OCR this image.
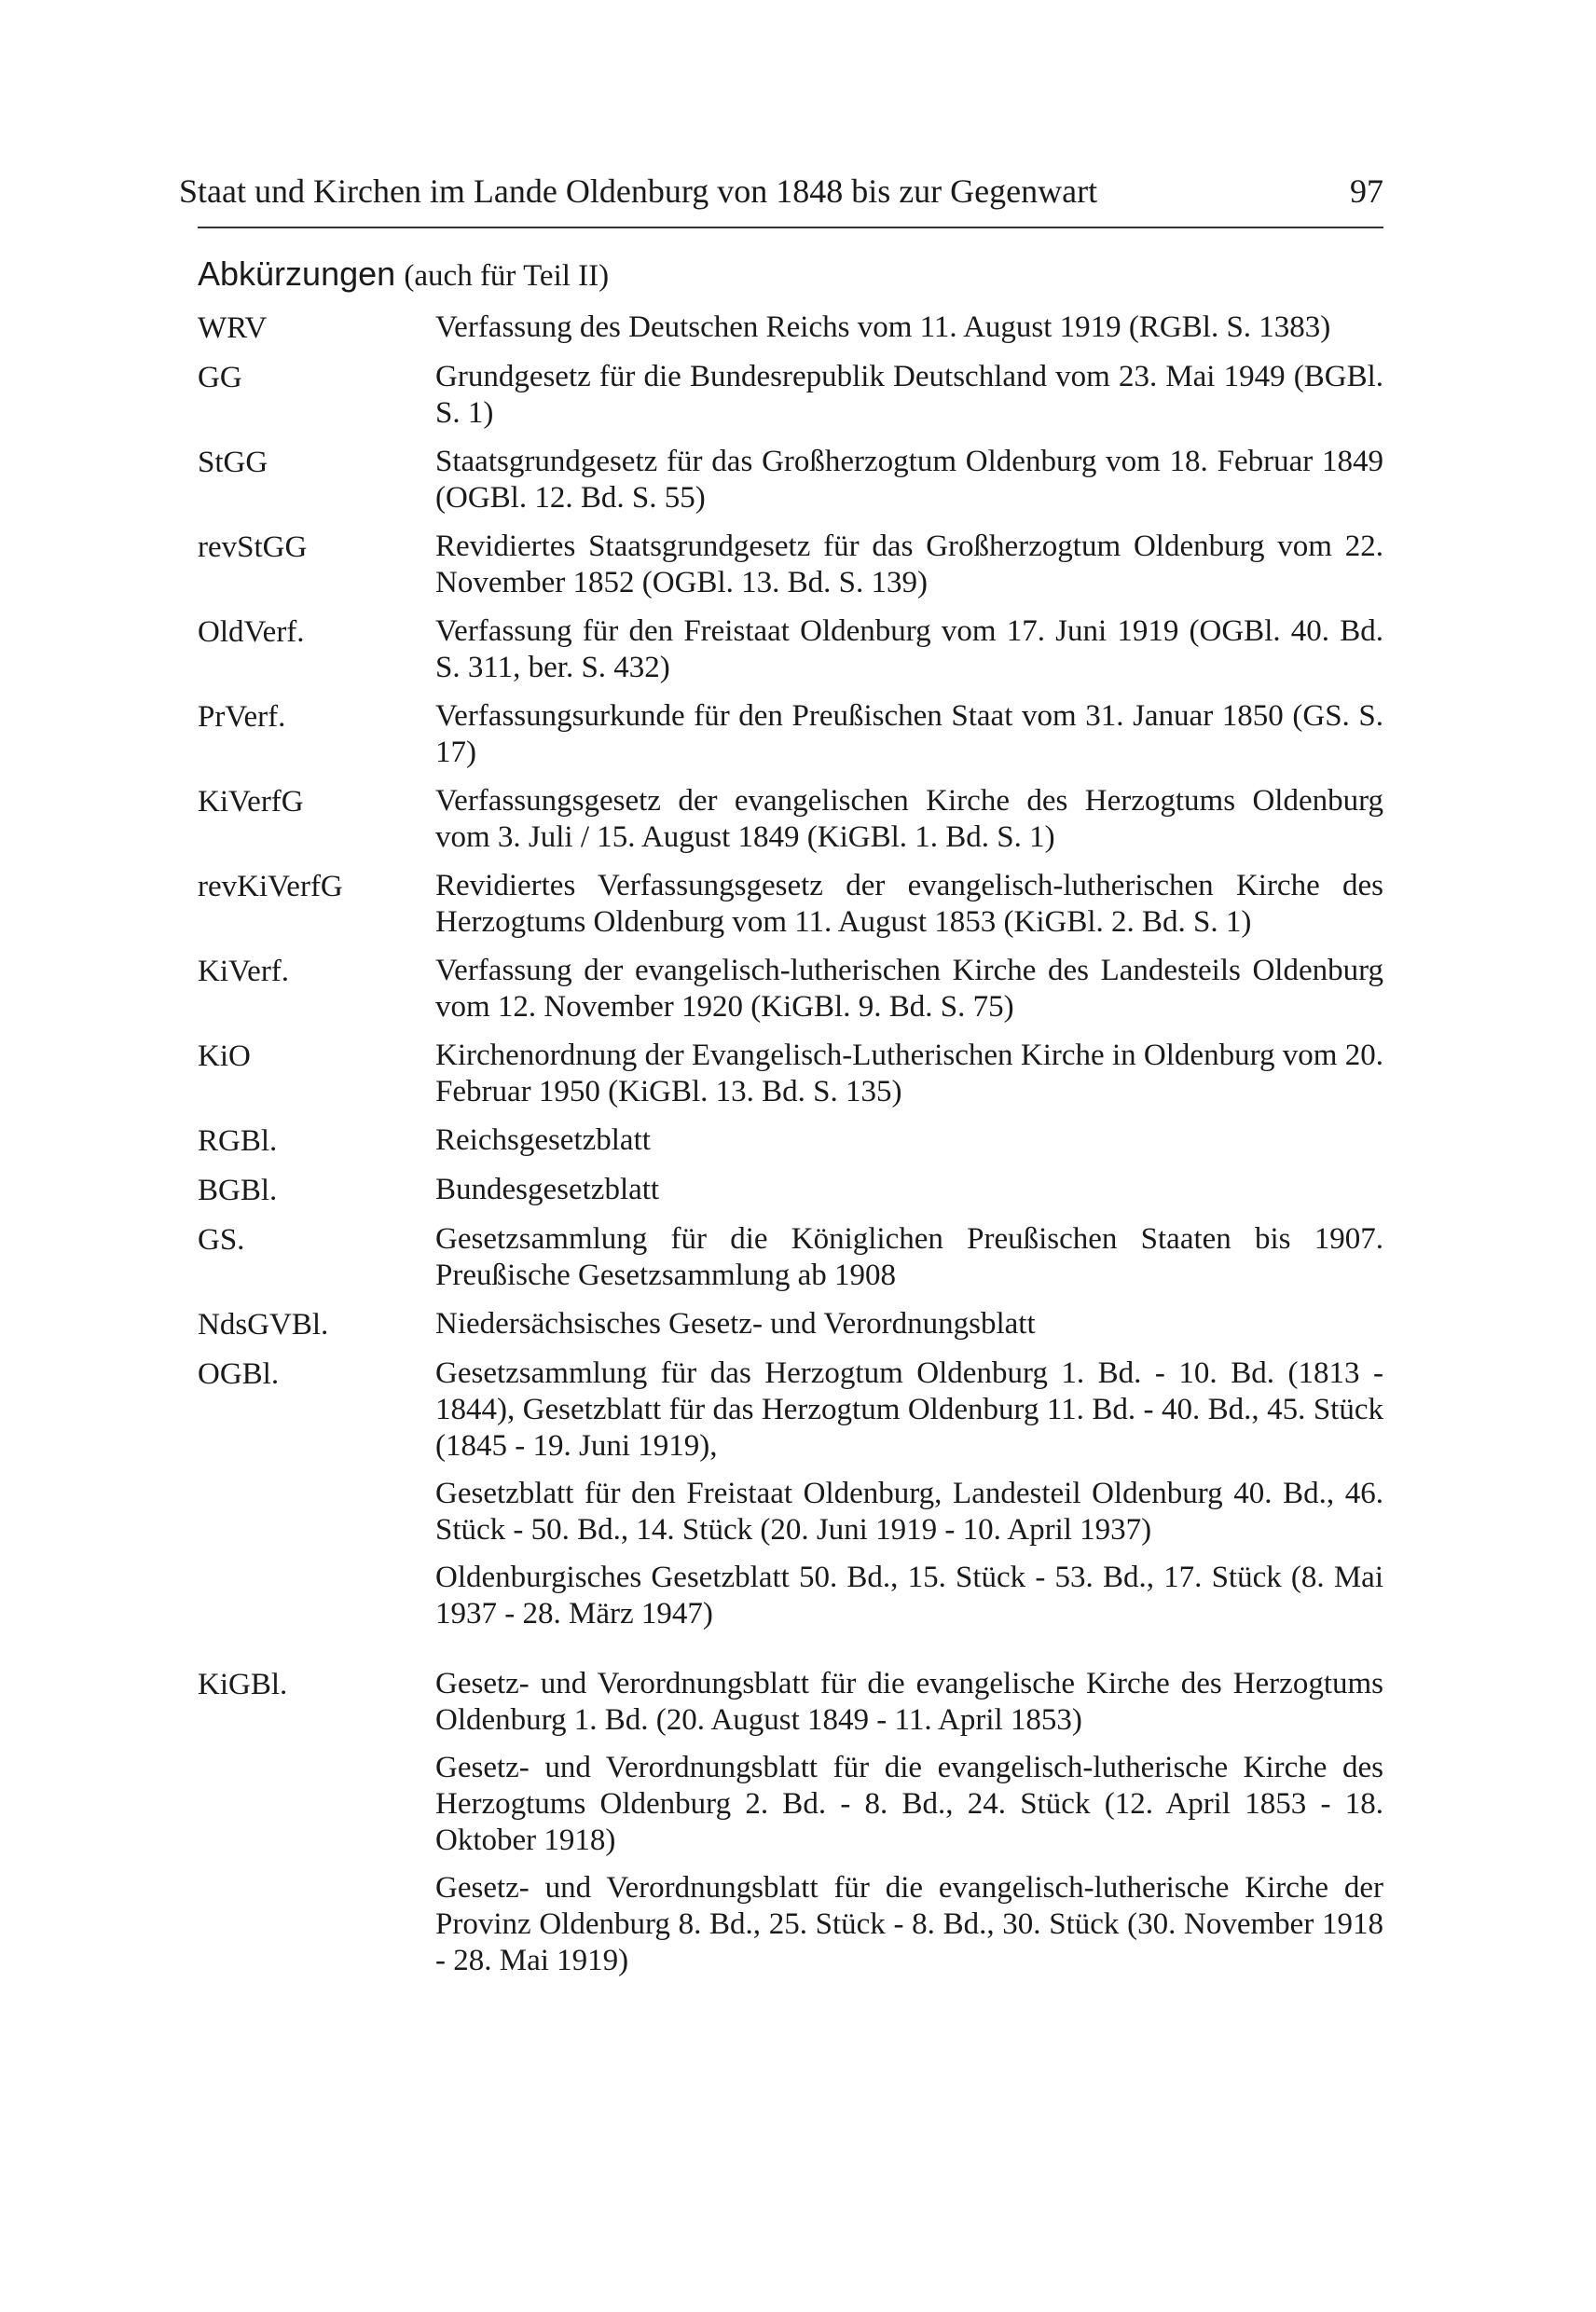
Staat und Kirchen im Lande Oldenburg von 1848 bis zur Gegenwart	97
Abkürzungen (auch für Teil II)
WRV	Verfassung des Deutschen Reichs vom 11. August 1919 (RGBl. S. 1383)
GG	Grundgesetz für die Bundesrepublik Deutschland vom 23. Mai 1949 (BGBl. S. 1)
StGG	Staatsgrundgesetz für das Großherzogtum Oldenburg vom 18. Februar 1849 (OGBl. 12. Bd. S. 55)
revStGG	Revidiertes Staatsgrundgesetz für das Großherzogtum Oldenburg vom 22. November 1852 (OGBl. 13. Bd. S. 139)
OldVerf.	Verfassung für den Freistaat Oldenburg vom 17. Juni 1919 (OGBl. 40. Bd. S. 311, ber. S. 432)
PrVerf.	Verfassungsurkunde für den Preußischen Staat vom 31. Januar 1850 (GS. S. 17)
KiVerfG	Verfassungsgesetz der evangelischen Kirche des Herzogtums Oldenburg vom 3. Juli / 15. August 1849 (KiGBl. 1. Bd. S. 1)
revKiVerfG	Revidiertes Verfassungsgesetz der evangelisch-lutherischen Kirche des Herzogtums Oldenburg vom 11. August 1853 (KiGBl. 2. Bd. S. 1)
KiVerf.	Verfassung der evangelisch-lutherischen Kirche des Landesteils Oldenburg vom 12. November 1920 (KiGBl. 9. Bd. S. 75)
KiO	Kirchenordnung der Evangelisch-Lutherischen Kirche in Oldenburg vom 20. Februar 1950 (KiGBl. 13. Bd. S. 135)
RGBl.	Reichsgesetzblatt
BGBl.	Bundesgesetzblatt
GS.	Gesetzsammlung für die Königlichen Preußischen Staaten bis 1907. Preußische Gesetzsammlung ab 1908
NdsGVBl.	Niedersächsisches Gesetz- und Verordnungsblatt
OGBl.	Gesetzsammlung für das Herzogtum Oldenburg 1. Bd. - 10. Bd. (1813 - 1844), Gesetzblatt für das Herzogtum Oldenburg 11. Bd. - 40. Bd., 45. Stück (1845 - 19. Juni 1919),
Gesetzblatt für den Freistaat Oldenburg, Landesteil Oldenburg 40. Bd., 46. Stück - 50. Bd., 14. Stück (20. Juni 1919 - 10. April 1937)
Oldenburgisches Gesetzblatt 50. Bd., 15. Stück - 53. Bd., 17. Stück (8. Mai 1937 - 28. März 1947)
KiGBl.	Gesetz- und Verordnungsblatt für die evangelische Kirche des Herzogtums Oldenburg 1. Bd. (20. August 1849 - 11. April 1853)
Gesetz- und Verordnungsblatt für die evangelisch-lutherische Kirche des Herzogtums Oldenburg 2. Bd. - 8. Bd., 24. Stück (12. April 1853 - 18. Oktober 1918)
Gesetz- und Verordnungsblatt für die evangelisch-lutherische Kirche der Provinz Oldenburg 8. Bd., 25. Stück - 8. Bd., 30. Stück (30. November 1918 - 28. Mai 1919)
